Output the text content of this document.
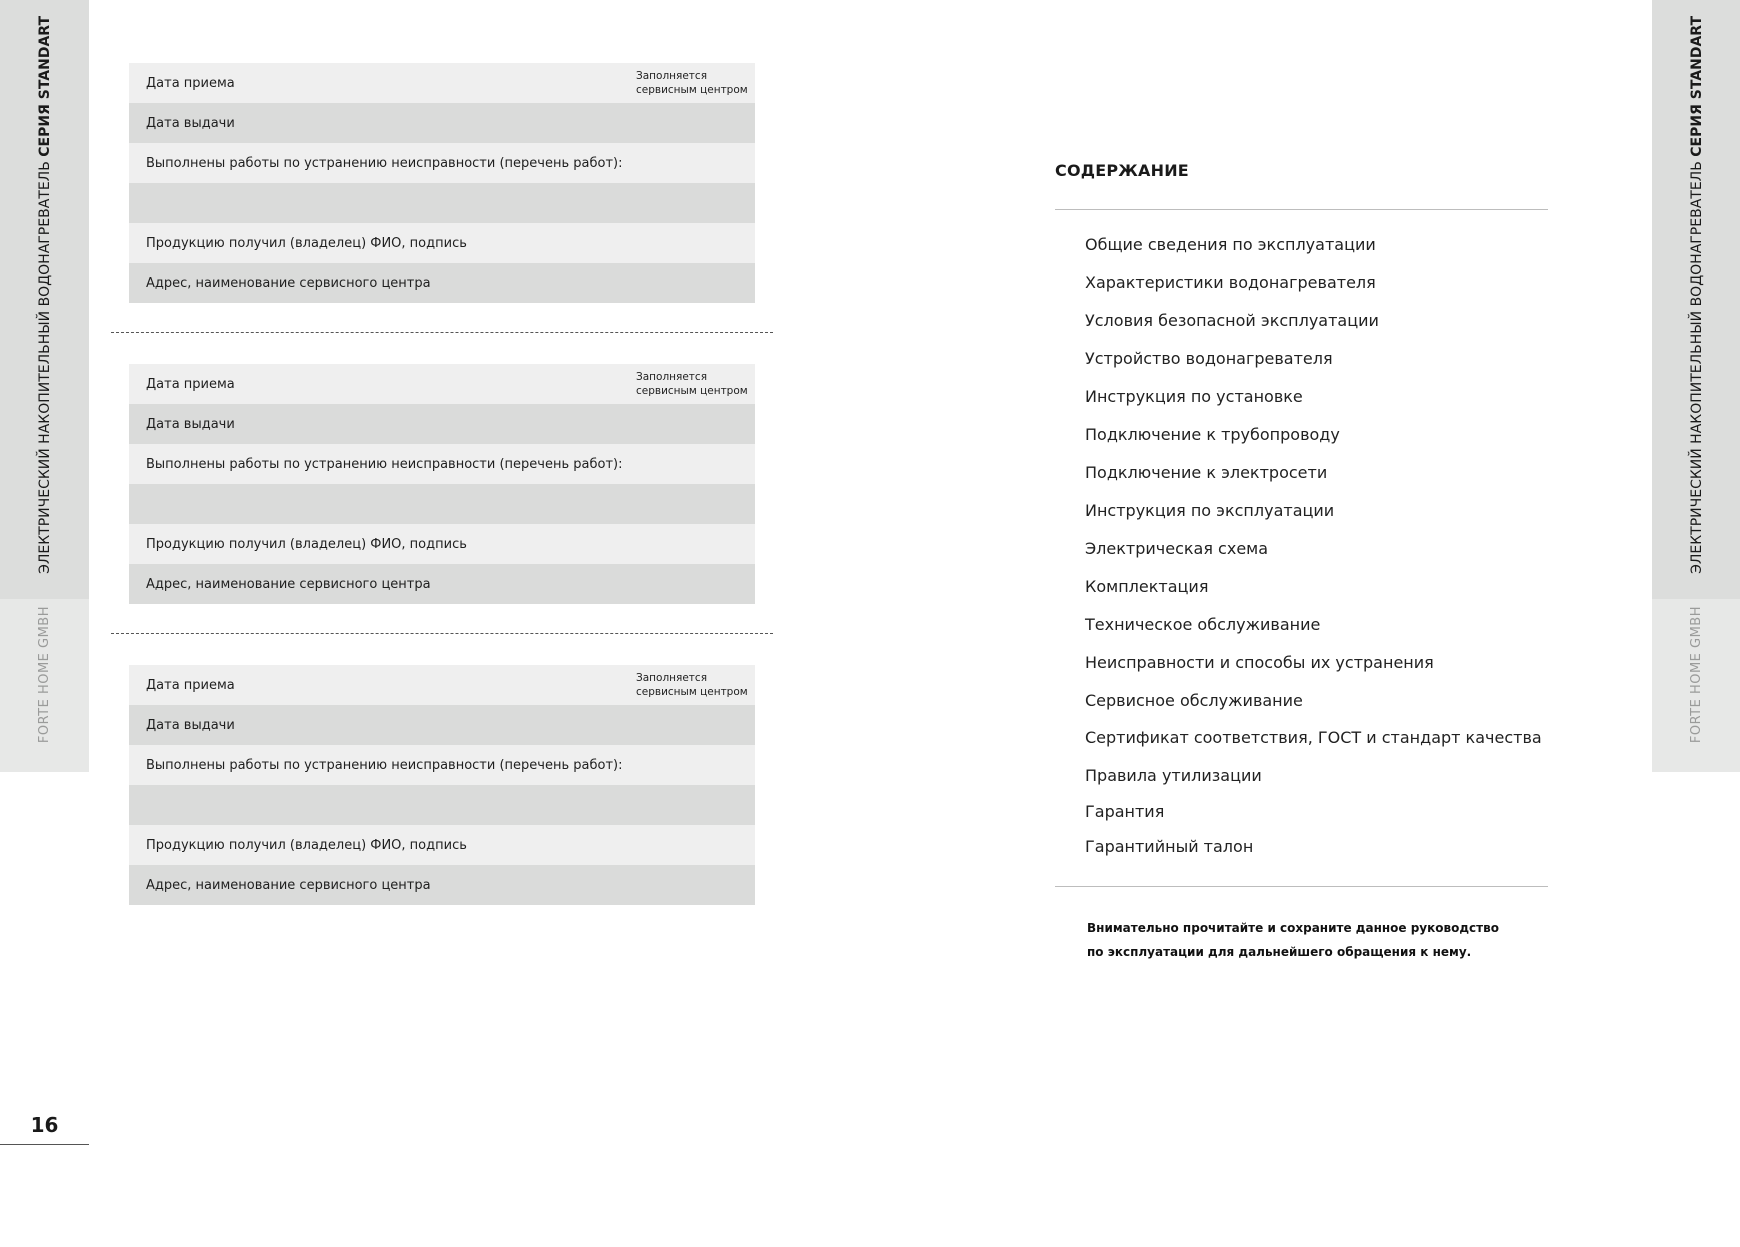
ЭЛЕКТРИЧЕСКИЙ НАКОПИТЕЛЬНЫЙ ВОДОНАГРЕВАТЕЛЬ СЕРИЯ STANDART
FORTE HOME GMBH
16
ЭЛЕКТРИЧЕСКИЙ НАКОПИТЕЛЬНЫЙ ВОДОНАГРЕВАТЕЛЬ СЕРИЯ STANDART
FORTE HOME GMBH
Дата приема	Заполняется
сервисным центром
Дата выдачи
Выполнены работы по устранению неисправности (перечень работ):
Продукцию получил (владелец) ФИО, подпись
Адрес, наименование сервисного центра
Дата приема	Заполняется
сервисным центром
Дата выдачи
Выполнены работы по устранению неисправности (перечень работ):
Продукцию получил (владелец) ФИО, подпись
Адрес, наименование сервисного центра
Дата приема	Заполняется
сервисным центром
Дата выдачи
Выполнены работы по устранению неисправности (перечень работ):
Продукцию получил (владелец) ФИО, подпись
Адрес, наименование сервисного центра
СОДЕРЖАНИЕ
Общие сведения по эксплуатации
Характеристики водонагревателя
Условия безопасной эксплуатации
Устройство водонагревателя
Инструкция по установке
Подключение к трубопроводу
Подключение к электросети
Инструкция по эксплуатации
Электрическая схема
Комплектация
Техническое обслуживание
Неисправности и способы их устранения
Сервисное обслуживание
Сертификат соответствия, ГОСТ и стандарт качества
Правила утилизации
Гарантия
Гарантийный талон
Внимательно прочитайте и сохраните данное руководство
по эксплуатации для дальнейшего обращения к нему.
